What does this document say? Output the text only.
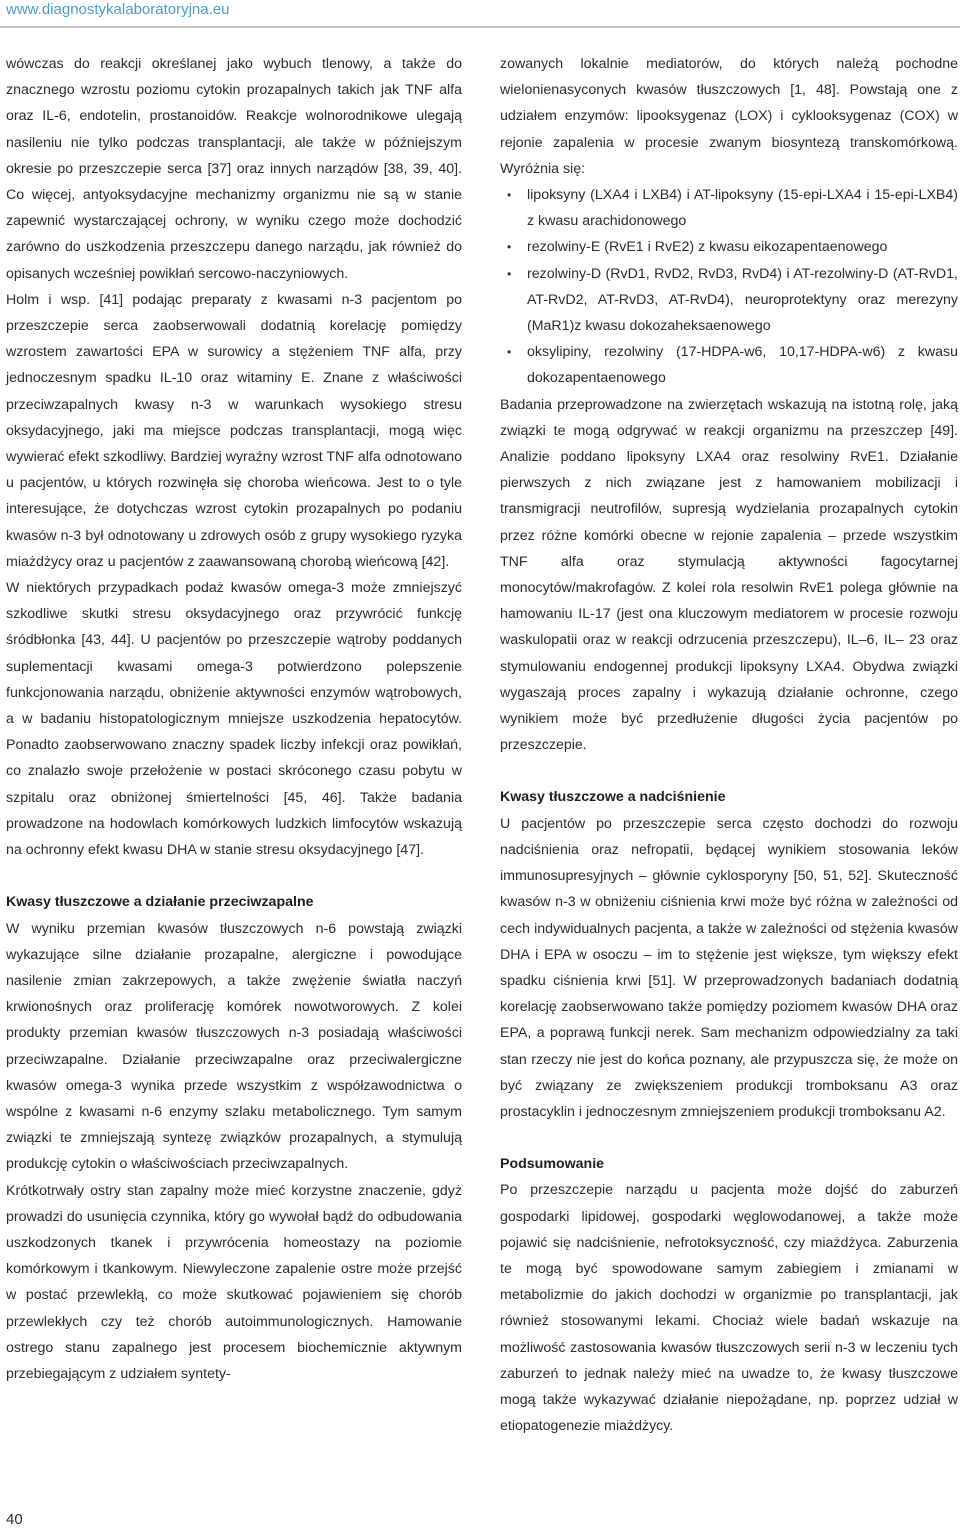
www.diagnostykalaboratoryjna.eu

wówczas do reakcji określanej jako wybuch tlenowy, a także do znacznego wzrostu poziomu cytokin prozapalnych takich jak TNF alfa oraz IL-6, endotelin, prostanoidów. Reakcje wolnorodnikowe ulegają nasileniu nie tylko podczas transplantacji, ale także w późniejszym okresie po przeszczepie serca [37] oraz innych narządów [38, 39, 40]. Co więcej, antyoksydacyjne mechanizmy organizmu nie są w stanie zapewnić wystarczającej ochrony, w wyniku czego może dochodzić zarówno do uszkodzenia przeszczepu danego narządu, jak również do opisanych wcześniej powikłań sercowo-naczyniowych.

Holm i wsp. [41] podając preparaty z kwasami n-3 pacjentom po przeszczepie serca zaobserwowali dodatnią korelację pomiędzy wzrostem zawartości EPA w surowicy a stężeniem TNF alfa, przy jednoczesnym spadku IL-10 oraz witaminy E. Znane z właściwości przeciwzapalnych kwasy n-3 w warunkach wysokiego stresu oksydacyjnego, jaki ma miejsce podczas transplantacji, mogą więc wywierać efekt szkodliwy. Bardziej wyraźny wzrost TNF alfa odnotowano u pacjentów, u których rozwinęła się choroba wieńcowa. Jest to o tyle interesujące, że dotychczas wzrost cytokin prozapalnych po podaniu kwasów n-3 był odnotowany u zdrowych osób z grupy wysokiego ryzyka miażdżycy oraz u pacjentów z zaawansowaną chorobą wieńcową [42].

W niektórych przypadkach podaż kwasów omega-3 może zmniejszyć szkodliwe skutki stresu oksydacyjnego oraz przywrócić funkcję śródbłonka [43, 44]. U pacjentów po przeszczepie wątroby poddanych suplementacji kwasami omega-3 potwierdzono polepszenie funkcjonowania narządu, obniżenie aktywności enzymów wątrobowych, a w badaniu histopatologicznym mniejsze uszkodzenia hepatocytów. Ponadto zaobserwowano znaczny spadek liczby infekcji oraz powikłań, co znalazło swoje przełożenie w postaci skróconego czasu pobytu w szpitalu oraz obniżonej śmiertelności [45, 46]. Także badania prowadzone na hodowlach komórkowych ludzkich limfocytów wskazują na ochronny efekt kwasu DHA w stanie stresu oksydacyjnego [47].

Kwasy tłuszczowe a działanie przeciwzapalne

W wyniku przemian kwasów tłuszczowych n-6 powstają związki wykazujące silne działanie prozapalne, alergiczne i powodujące nasilenie zmian zakrzepowych, a także zwężenie światła naczyń krwionośnych oraz proliferację komórek nowotworowych. Z kolei produkty przemian kwasów tłuszczowych n-3 posiadają właściwości przeciwzapalne. Działanie przeciwzapalne oraz przeciwalergiczne kwasów omega-3 wynika przede wszystkim z współzawodnictwa o wspólne z kwasami n-6 enzymy szlaku metabolicznego. Tym samym związki te zmniejszają syntezę związków prozapalnych, a stymulują produkcję cytokin o właściwościach przeciwzapalnych.

Krótkotrwały ostry stan zapalny może mieć korzystne znaczenie, gdyż prowadzi do usunięcia czynnika, który go wywołał bądź do odbudowania uszkodzonych tkanek i przywrócenia homeostazy na poziomie komórkowym i tkankowym. Niewyleczone zapalenie ostre może przejść w postać przewlekłą, co może skutkować pojawieniem się chorób przewlekłych czy też chorób autoimmunologicznych. Hamowanie ostrego stanu zapalnego jest procesem biochemicznie aktywnym przebiegającym z udziałem syntety-

zowanych lokalnie mediatorów, do których należą pochodne wielonienasyconych kwasów tłuszczowych [1, 48]. Powstają one z udziałem enzymów: lipooksygenaz (LOX) i cyklooksygenaz (COX) w rejonie zapalenia w procesie zwanym biosyntezą transkomórkową. Wyróżnia się:

• lipoksyny (LXA4 i LXB4) i AT-lipoksyny (15-epi-LXA4 i 15-epi-LXB4) z kwasu arachidonowego
• rezolwiny-E (RvE1 i RvE2) z kwasu eikozapentaenowego
• rezolwiny-D (RvD1, RvD2, RvD3, RvD4) i AT-rezolwiny-D (AT-RvD1, AT-RvD2, AT-RvD3, AT-RvD4), neuroprotektyny oraz merezyny (MaR1)z kwasu dokozaheksaenowego
• oksylipiny, rezolwiny (17-HDPA-w6, 10,17-HDPA-w6) z kwasu dokozapentaenowego

Badania przeprowadzone na zwierzętach wskazują na istotną rolę, jaką związki te mogą odgrywać w reakcji organizmu na przeszczep [49]. Analizie poddano lipoksyny LXA4 oraz resolwiny RvE1. Działanie pierwszych z nich związane jest z hamowaniem mobilizacji i transmigracji neutrofilów, supresją wydzielania prozapalnych cytokin przez różne komórki obecne w rejonie zapalenia – przede wszystkim TNF alfa oraz stymulacją aktywności fagocytarnej monocytów/makrofagów. Z kolei rola resolwin RvE1 polega głównie na hamowaniu IL-17 (jest ona kluczowym mediatorem w procesie rozwoju waskulopatii oraz w reakcji odrzucenia przeszczepu), IL–6, IL– 23 oraz stymulowaniu endogennej produkcji lipoksyny LXA4. Obydwa związki wygaszają proces zapalny i wykazują działanie ochronne, czego wynikiem może być przedłużenie długości życia pacjentów po przeszczepie.

Kwasy tłuszczowe a nadciśnienie

U pacjentów po przeszczepie serca często dochodzi do rozwoju nadciśnienia oraz nefropatii, będącej wynikiem stosowania leków immunosupresyjnych – głównie cyklosporyny [50, 51, 52]. Skuteczność kwasów n-3 w obniżeniu ciśnienia krwi może być różna w zależności od cech indywidualnych pacjenta, a także w zależności od stężenia kwasów DHA i EPA w osoczu – im to stężenie jest większe, tym większy efekt spadku ciśnienia krwi [51]. W przeprowadzonych badaniach dodatnią korelację zaobserwowano także pomiędzy poziomem kwasów DHA oraz EPA, a poprawą funkcji nerek. Sam mechanizm odpowiedzialny za taki stan rzeczy nie jest do końca poznany, ale przypuszcza się, że może on być związany ze zwiększeniem produkcji tromboksanu A3 oraz prostacyklin i jednoczesnym zmniejszeniem produkcji tromboksanu A2.

Podsumowanie

Po przeszczepie narządu u pacjenta może dojść do zaburzeń gospodarki lipidowej, gospodarki węglowodanowej, a także może pojawić się nadciśnienie, nefrotoksyczność, czy miażdżyca. Zaburzenia te mogą być spowodowane samym zabiegiem i zmianami w metabolizmie do jakich dochodzi w organizmie po transplantacji, jak również stosowanymi lekami. Chociaż wiele badań wskazuje na możliwość zastosowania kwasów tłuszczowych serii n-3 w leczeniu tych zaburzeń to jednak należy mieć na uwadze to, że kwasy tłuszczowe mogą także wykazywać działanie niepożądane, np. poprzez udział w etiopatogenezie miażdżycy.

40
